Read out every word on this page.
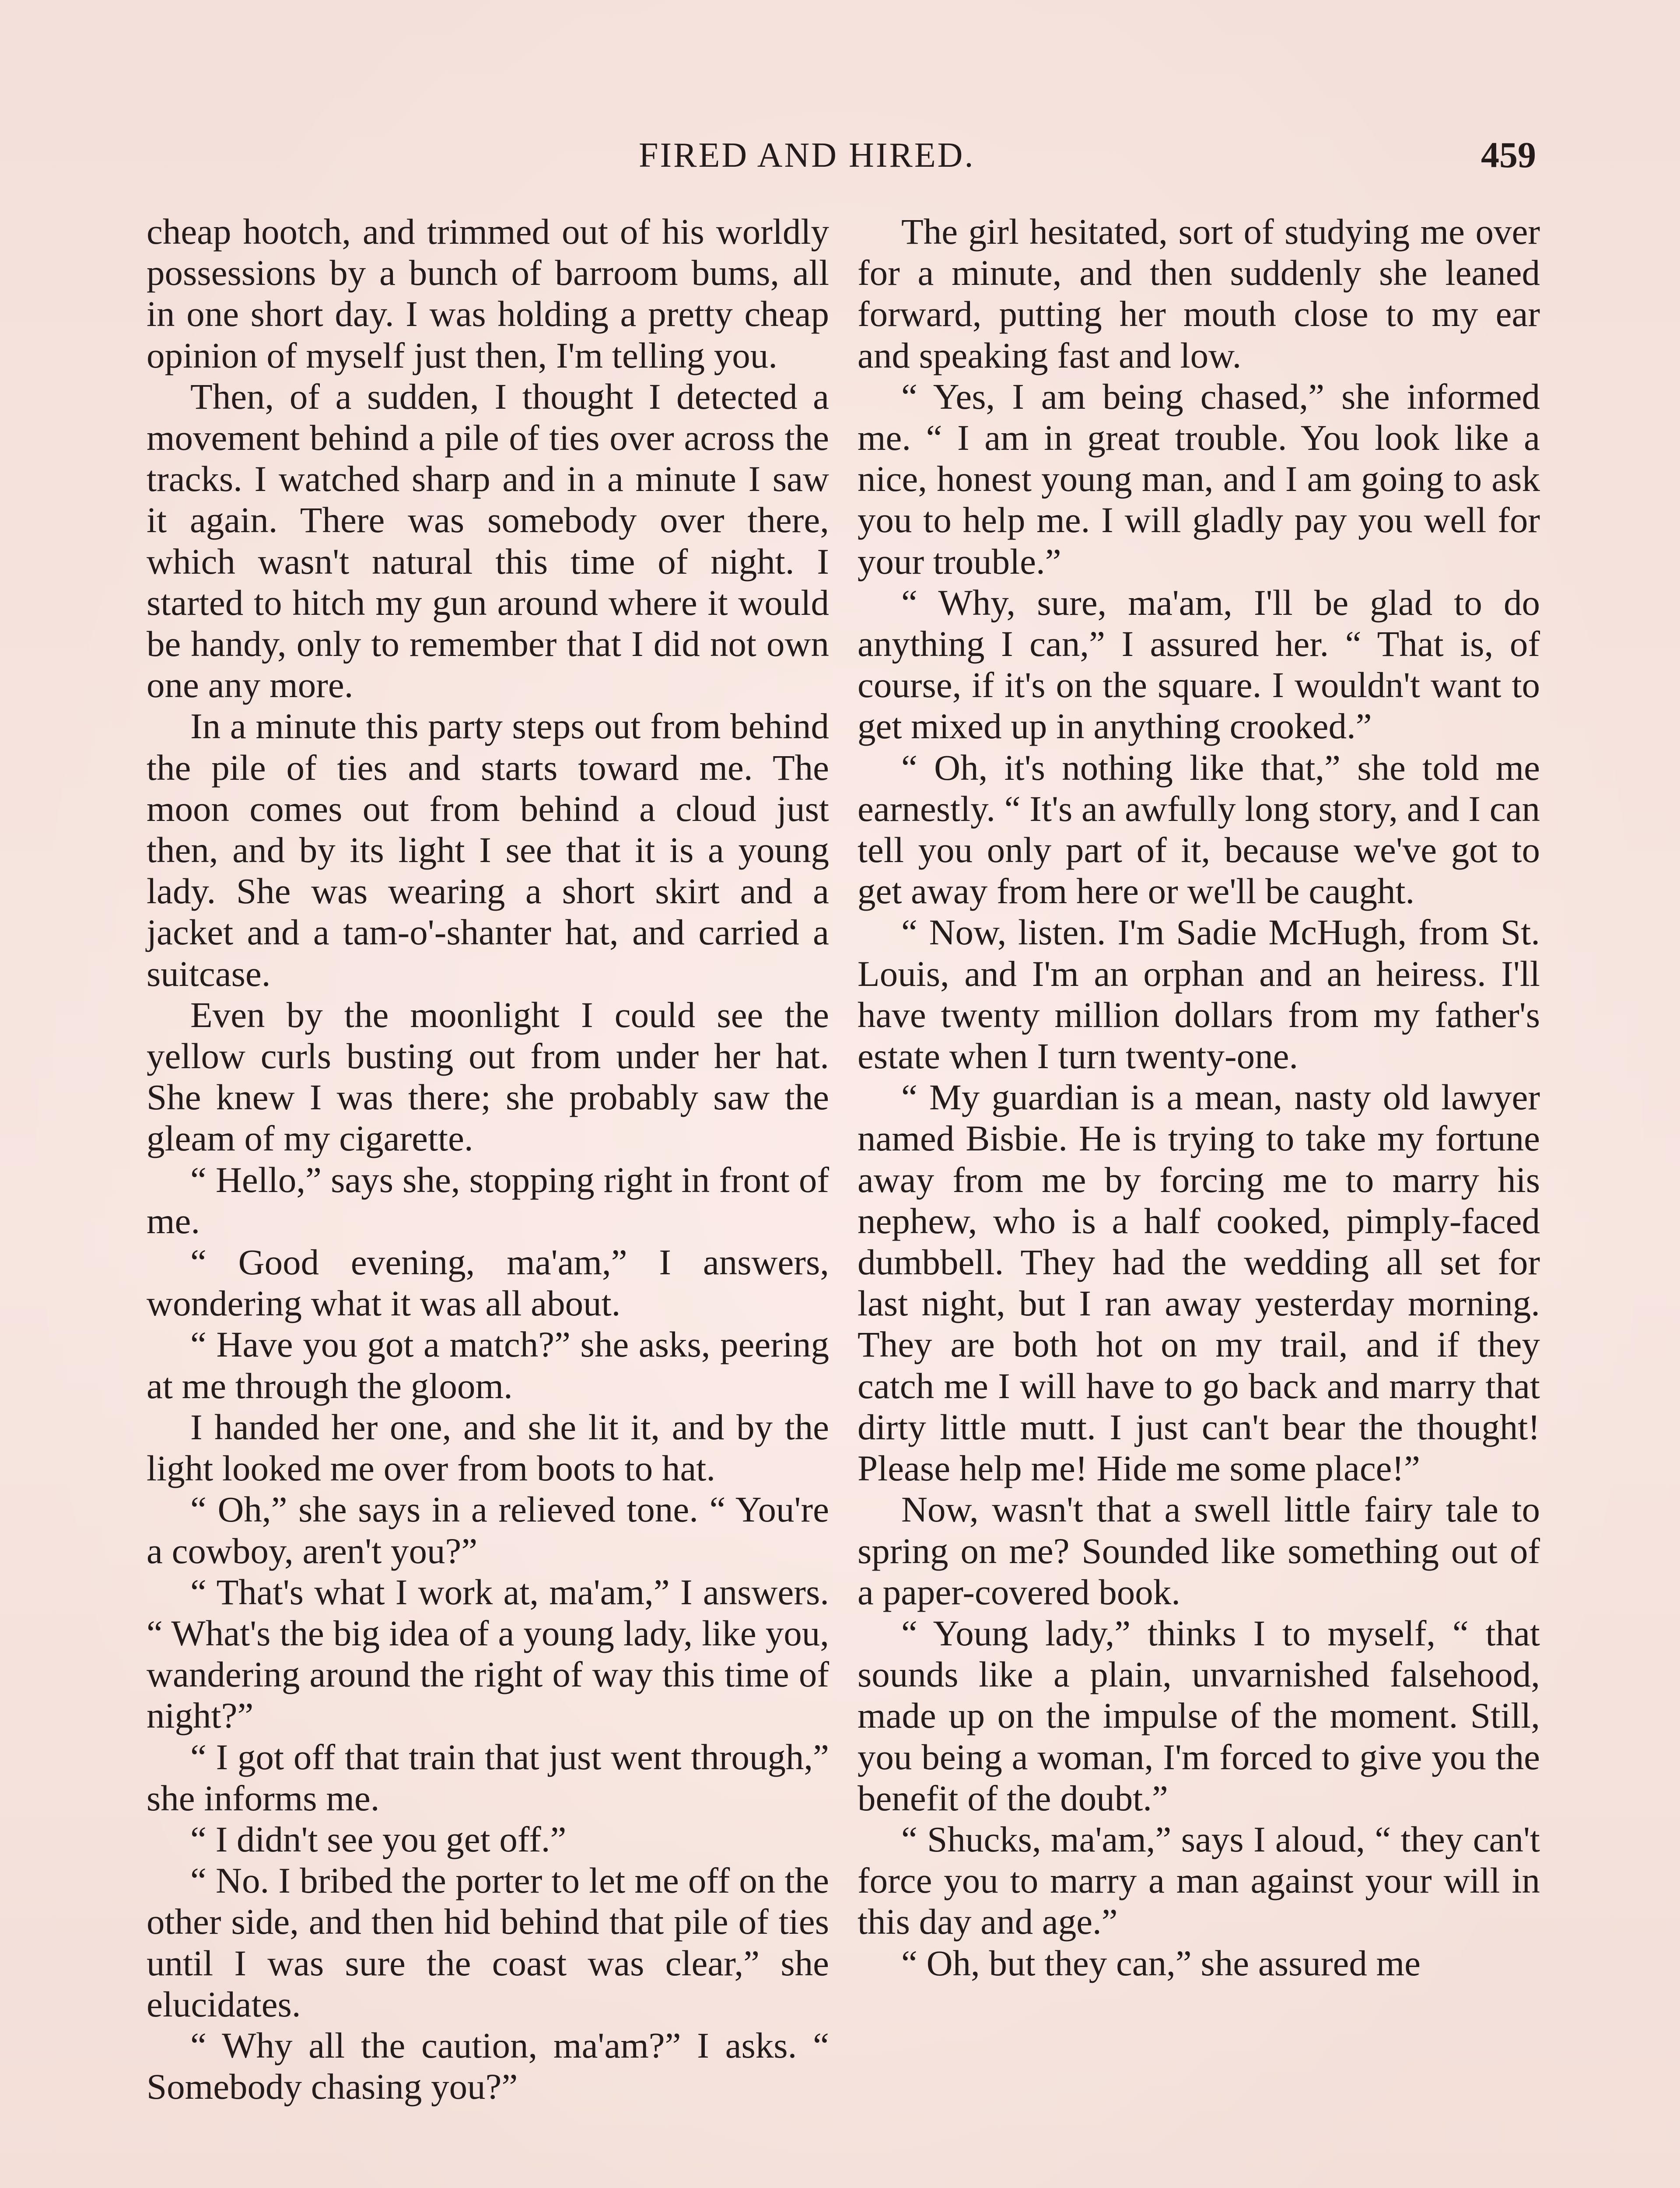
FIRED AND HIRED.	459

cheap hootch, and trimmed out of his worldly possessions by a bunch of barroom bums, all in one short day. I was holding a pretty cheap opinion of myself just then, I'm telling you.

Then, of a sudden, I thought I detected a movement behind a pile of ties over across the tracks. I watched sharp and in a minute I saw it again. There was somebody over there, which wasn't natural this time of night. I started to hitch my gun around where it would be handy, only to remember that I did not own one any more.

In a minute this party steps out from behind the pile of ties and starts toward me. The moon comes out from behind a cloud just then, and by its light I see that it is a young lady. She was wearing a short skirt and a jacket and a tam-o'-shanter hat, and carried a suitcase.

Even by the moonlight I could see the yellow curls busting out from under her hat. She knew I was there; she probably saw the gleam of my cigarette.

“ Hello,” says she, stopping right in front of me.

“ Good evening, ma'am,” I answers, wondering what it was all about.

“ Have you got a match?” she asks, peering at me through the gloom.

I handed her one, and she lit it, and by the light looked me over from boots to hat.

“ Oh,” she says in a relieved tone. “ You're a cowboy, aren't you?”

“ That's what I work at, ma'am,” I answers. “ What's the big idea of a young lady, like you, wandering around the right of way this time of night?”

“ I got off that train that just went through,” she informs me.

“ I didn't see you get off.”

“ No. I bribed the porter to let me off on the other side, and then hid behind that pile of ties until I was sure the coast was clear,” she elucidates.

“ Why all the caution, ma'am?” I asks. “ Somebody chasing you?”

The girl hesitated, sort of studying me over for a minute, and then suddenly she leaned forward, putting her mouth close to my ear and speaking fast and low.

“ Yes, I am being chased,” she informed me. “ I am in great trouble. You look like a nice, honest young man, and I am going to ask you to help me. I will gladly pay you well for your trouble.”

“ Why, sure, ma'am, I'll be glad to do anything I can,” I assured her. “ That is, of course, if it's on the square. I wouldn't want to get mixed up in anything crooked.”

“ Oh, it's nothing like that,” she told me earnestly. “ It's an awfully long story, and I can tell you only part of it, because we've got to get away from here or we'll be caught.

“ Now, listen. I'm Sadie McHugh, from St. Louis, and I'm an orphan and an heiress. I'll have twenty million dollars from my father's estate when I turn twenty-one.

“ My guardian is a mean, nasty old lawyer named Bisbie. He is trying to take my fortune away from me by forcing me to marry his nephew, who is a half cooked, pimply-faced dumbbell. They had the wedding all set for last night, but I ran away yesterday morning. They are both hot on my trail, and if they catch me I will have to go back and marry that dirty little mutt. I just can't bear the thought! Please help me! Hide me some place!”

Now, wasn't that a swell little fairy tale to spring on me? Sounded like something out of a paper-covered book.

“ Young lady,” thinks I to myself, “ that sounds like a plain, unvarnished falsehood, made up on the impulse of the moment. Still, you being a woman, I'm forced to give you the benefit of the doubt.”

“ Shucks, ma'am,” says I aloud, “ they can't force you to marry a man against your will in this day and age.”

“ Oh, but they can,” she assured me
